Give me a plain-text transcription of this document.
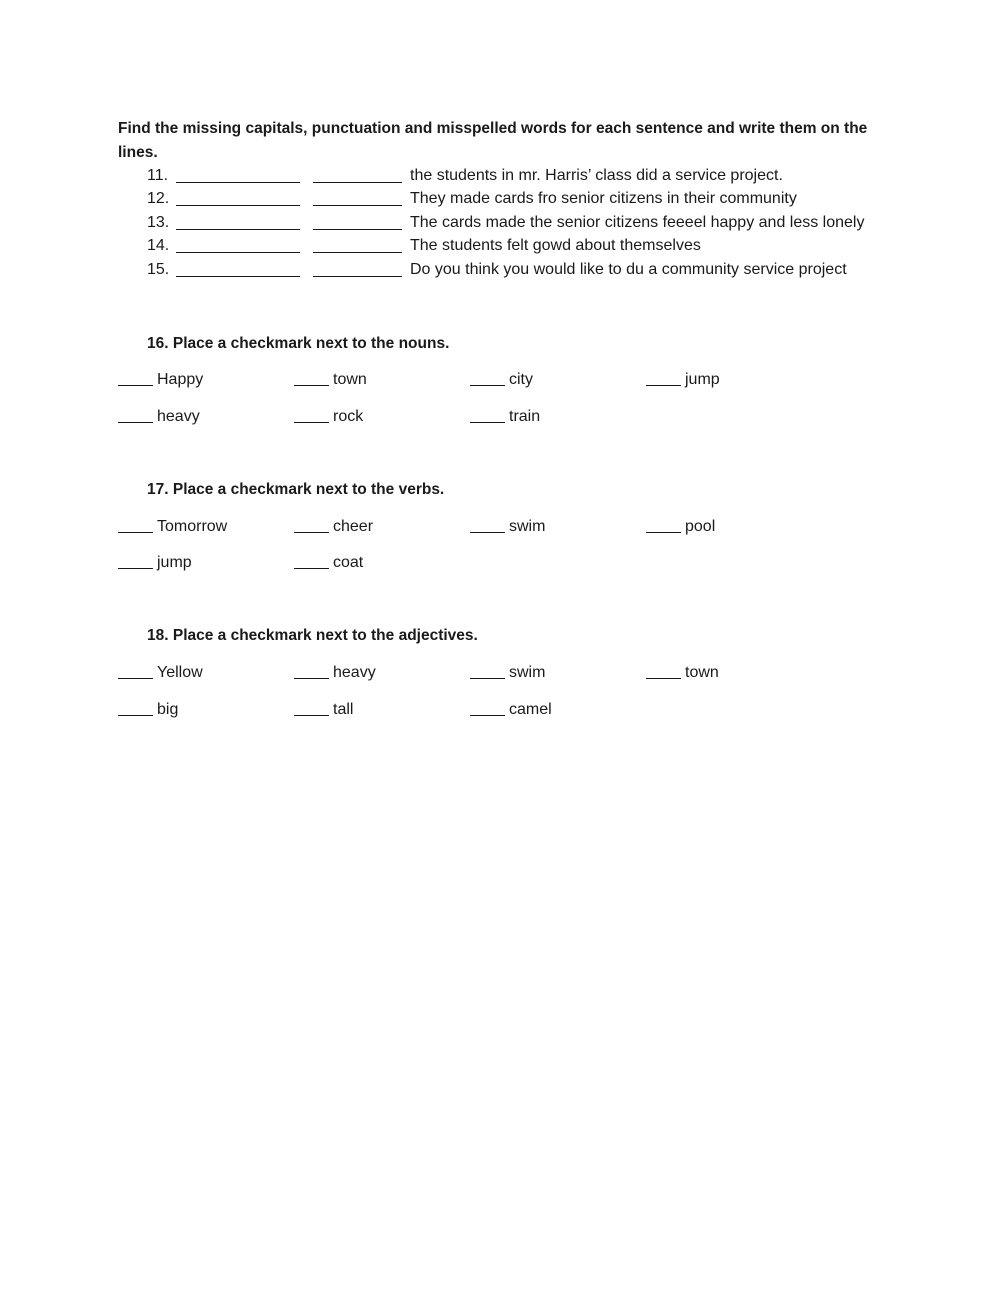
Find the missing capitals, punctuation and misspelled words for each sentence and write them on the lines.
11.	the students in mr. Harris’ class did a service project.
12.	They made cards fro senior citizens in their community
13.	The cards made the senior citizens feeeel happy and less lonely
14.	The students felt gowd about themselves
15.	Do you think you would like to du a community service project
16. Place a checkmark next to the nouns.
Happy	town	city	jump
heavy	rock	train
17. Place a checkmark next to the verbs.
Tomorrow	cheer	swim	pool
jump	coat
18. Place a checkmark next to the adjectives.
Yellow	heavy	swim	town
big	tall	camel
